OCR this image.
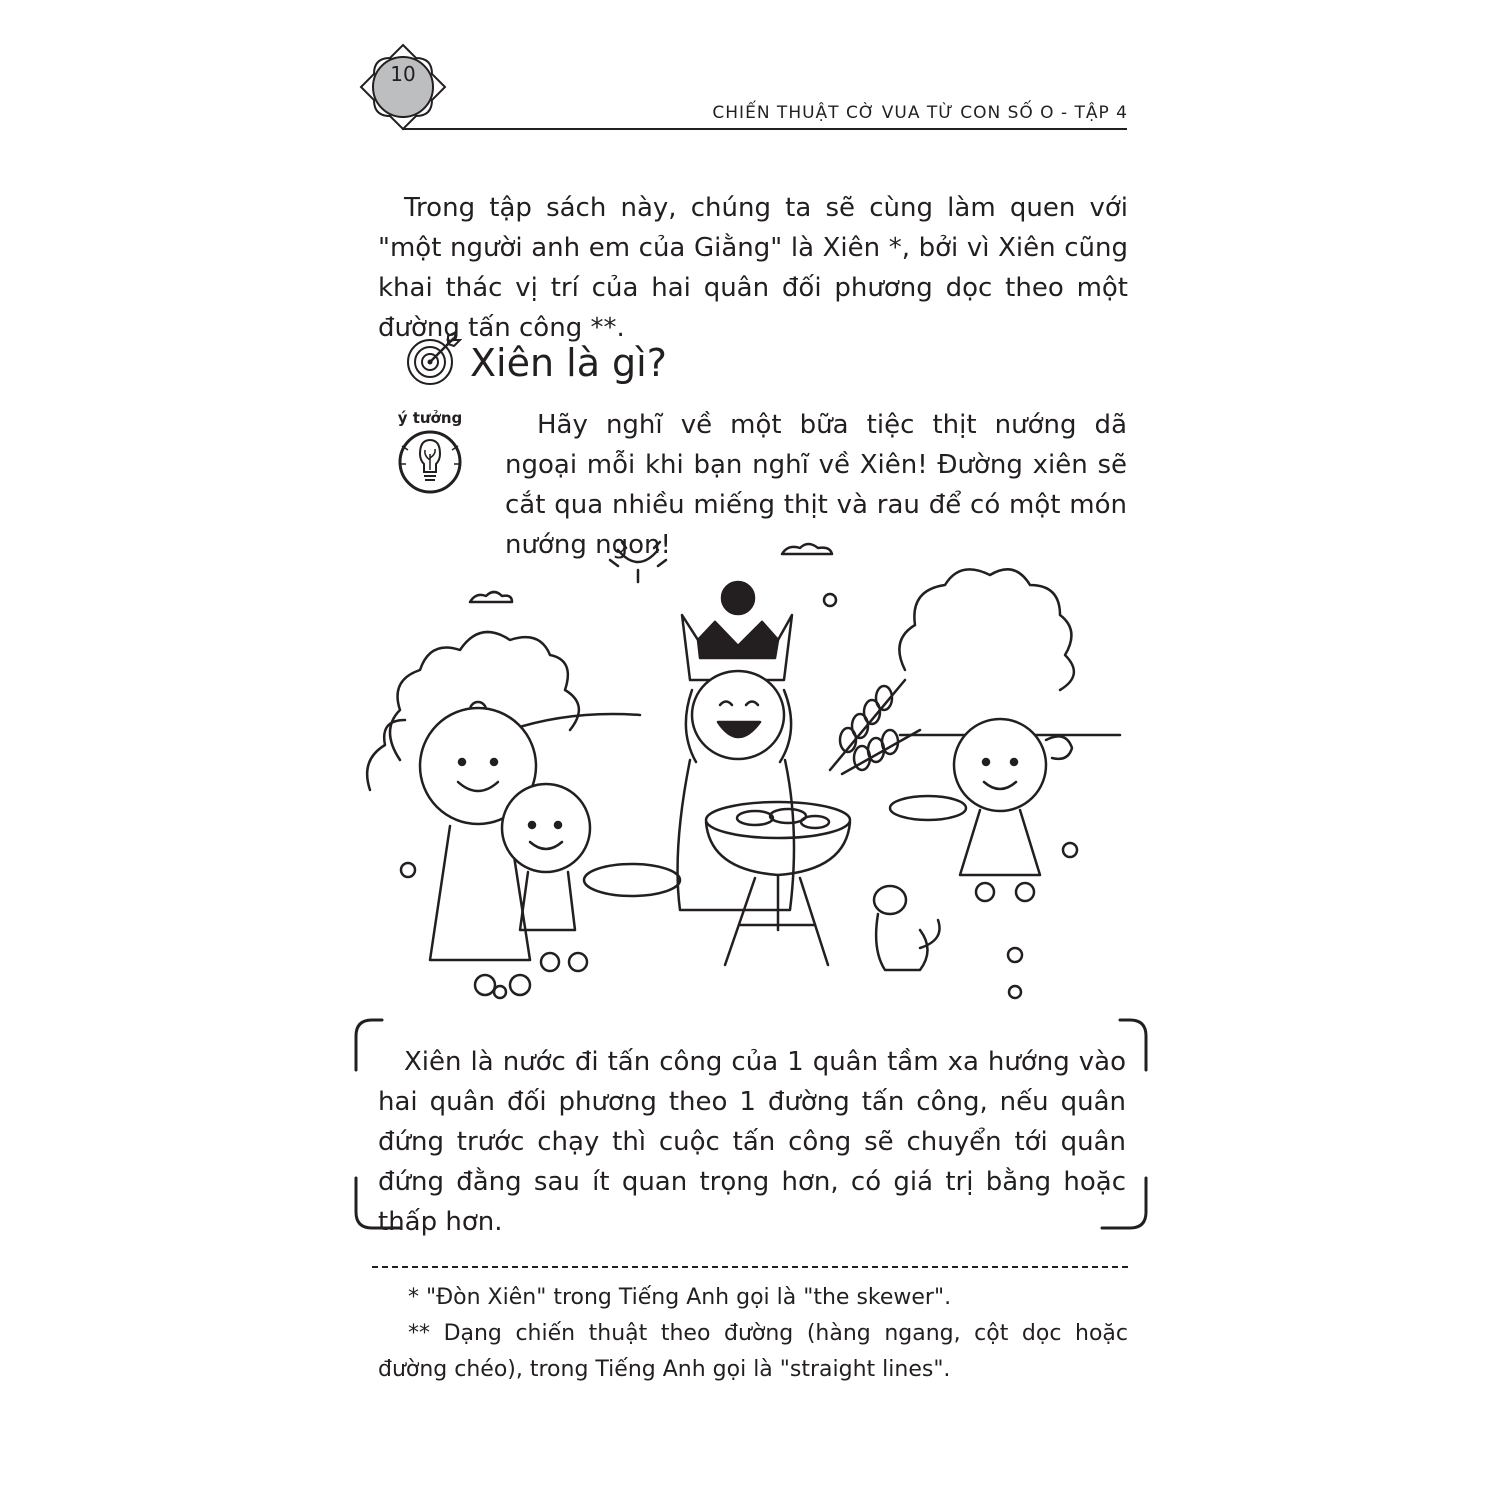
10
CHIẾN THUẬT CỜ VUA TỪ CON SỐ O - TẬP 4
Trong tập sách này, chúng ta sẽ cùng làm quen với "một người anh em của Giằng" là Xiên *, bởi vì Xiên cũng khai thác vị trí của hai quân đối phương dọc theo một đường tấn công **.
Xiên là gì?
ý tưởng	Hãy nghĩ về một bữa tiệc thịt nướng dã ngoại mỗi khi bạn nghĩ về Xiên! Đường xiên sẽ cắt qua nhiều miếng thịt và rau để có một món nướng ngon!
Xiên là nước đi tấn công của 1 quân tầm xa hướng vào hai quân đối phương theo 1 đường tấn công, nếu quân đứng trước chạy thì cuộc tấn công sẽ chuyển tới quân đứng đằng sau ít quan trọng hơn, có giá trị bằng hoặc thấp hơn.
* "Đòn Xiên" trong Tiếng Anh gọi là "the skewer".
** Dạng chiến thuật theo đường (hàng ngang, cột dọc hoặc đường chéo), trong Tiếng Anh gọi là "straight lines".
